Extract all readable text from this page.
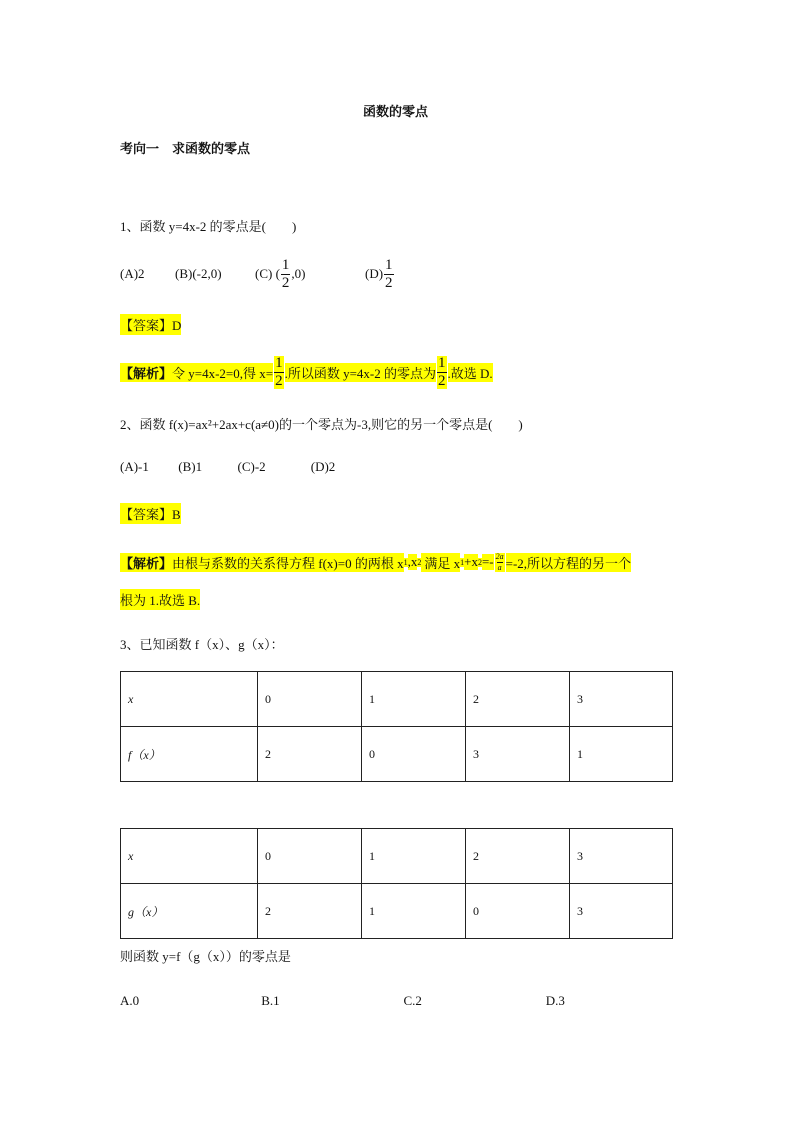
函数的零点
考向一　求函数的零点
1、函数 y=4x-2 的零点是(　　)
(A)2	(B)(-2,0)	(C) ( $\frac{1}{2} ,0$)	$(D) \frac{1}{2}$
【答案】D
【解析】 令 y=4x-2=0,得 $x= \frac{1}{2}$ .所以函数 y=4x-2 的零点为 $\frac{1}{2}$ .故选 D.
2、函数 f(x)=ax²+2ax+c(a≠0)的一个零点为-3,则它的另一个零点是(　　)
(A)-1 (B)1	(C)-2	(D)2
【答案】B
【解析】 由根与系数的关系得方程 f(x)=0 的两根 x 1 ,x 2 满足 x 1 +x $2 =- \frac{2a}{a} =-2$,所以方程的另一个
根为 1.故选 B.
3、已知函数 f（x）、g（x）：
x	0	1	2	3
f（x）	2	0	3	1
x	0	1	2	3
g（x）	2	1	0	3
则函数 y=f（g（x））的零点是
A.0	B.1	C.2	D.3
